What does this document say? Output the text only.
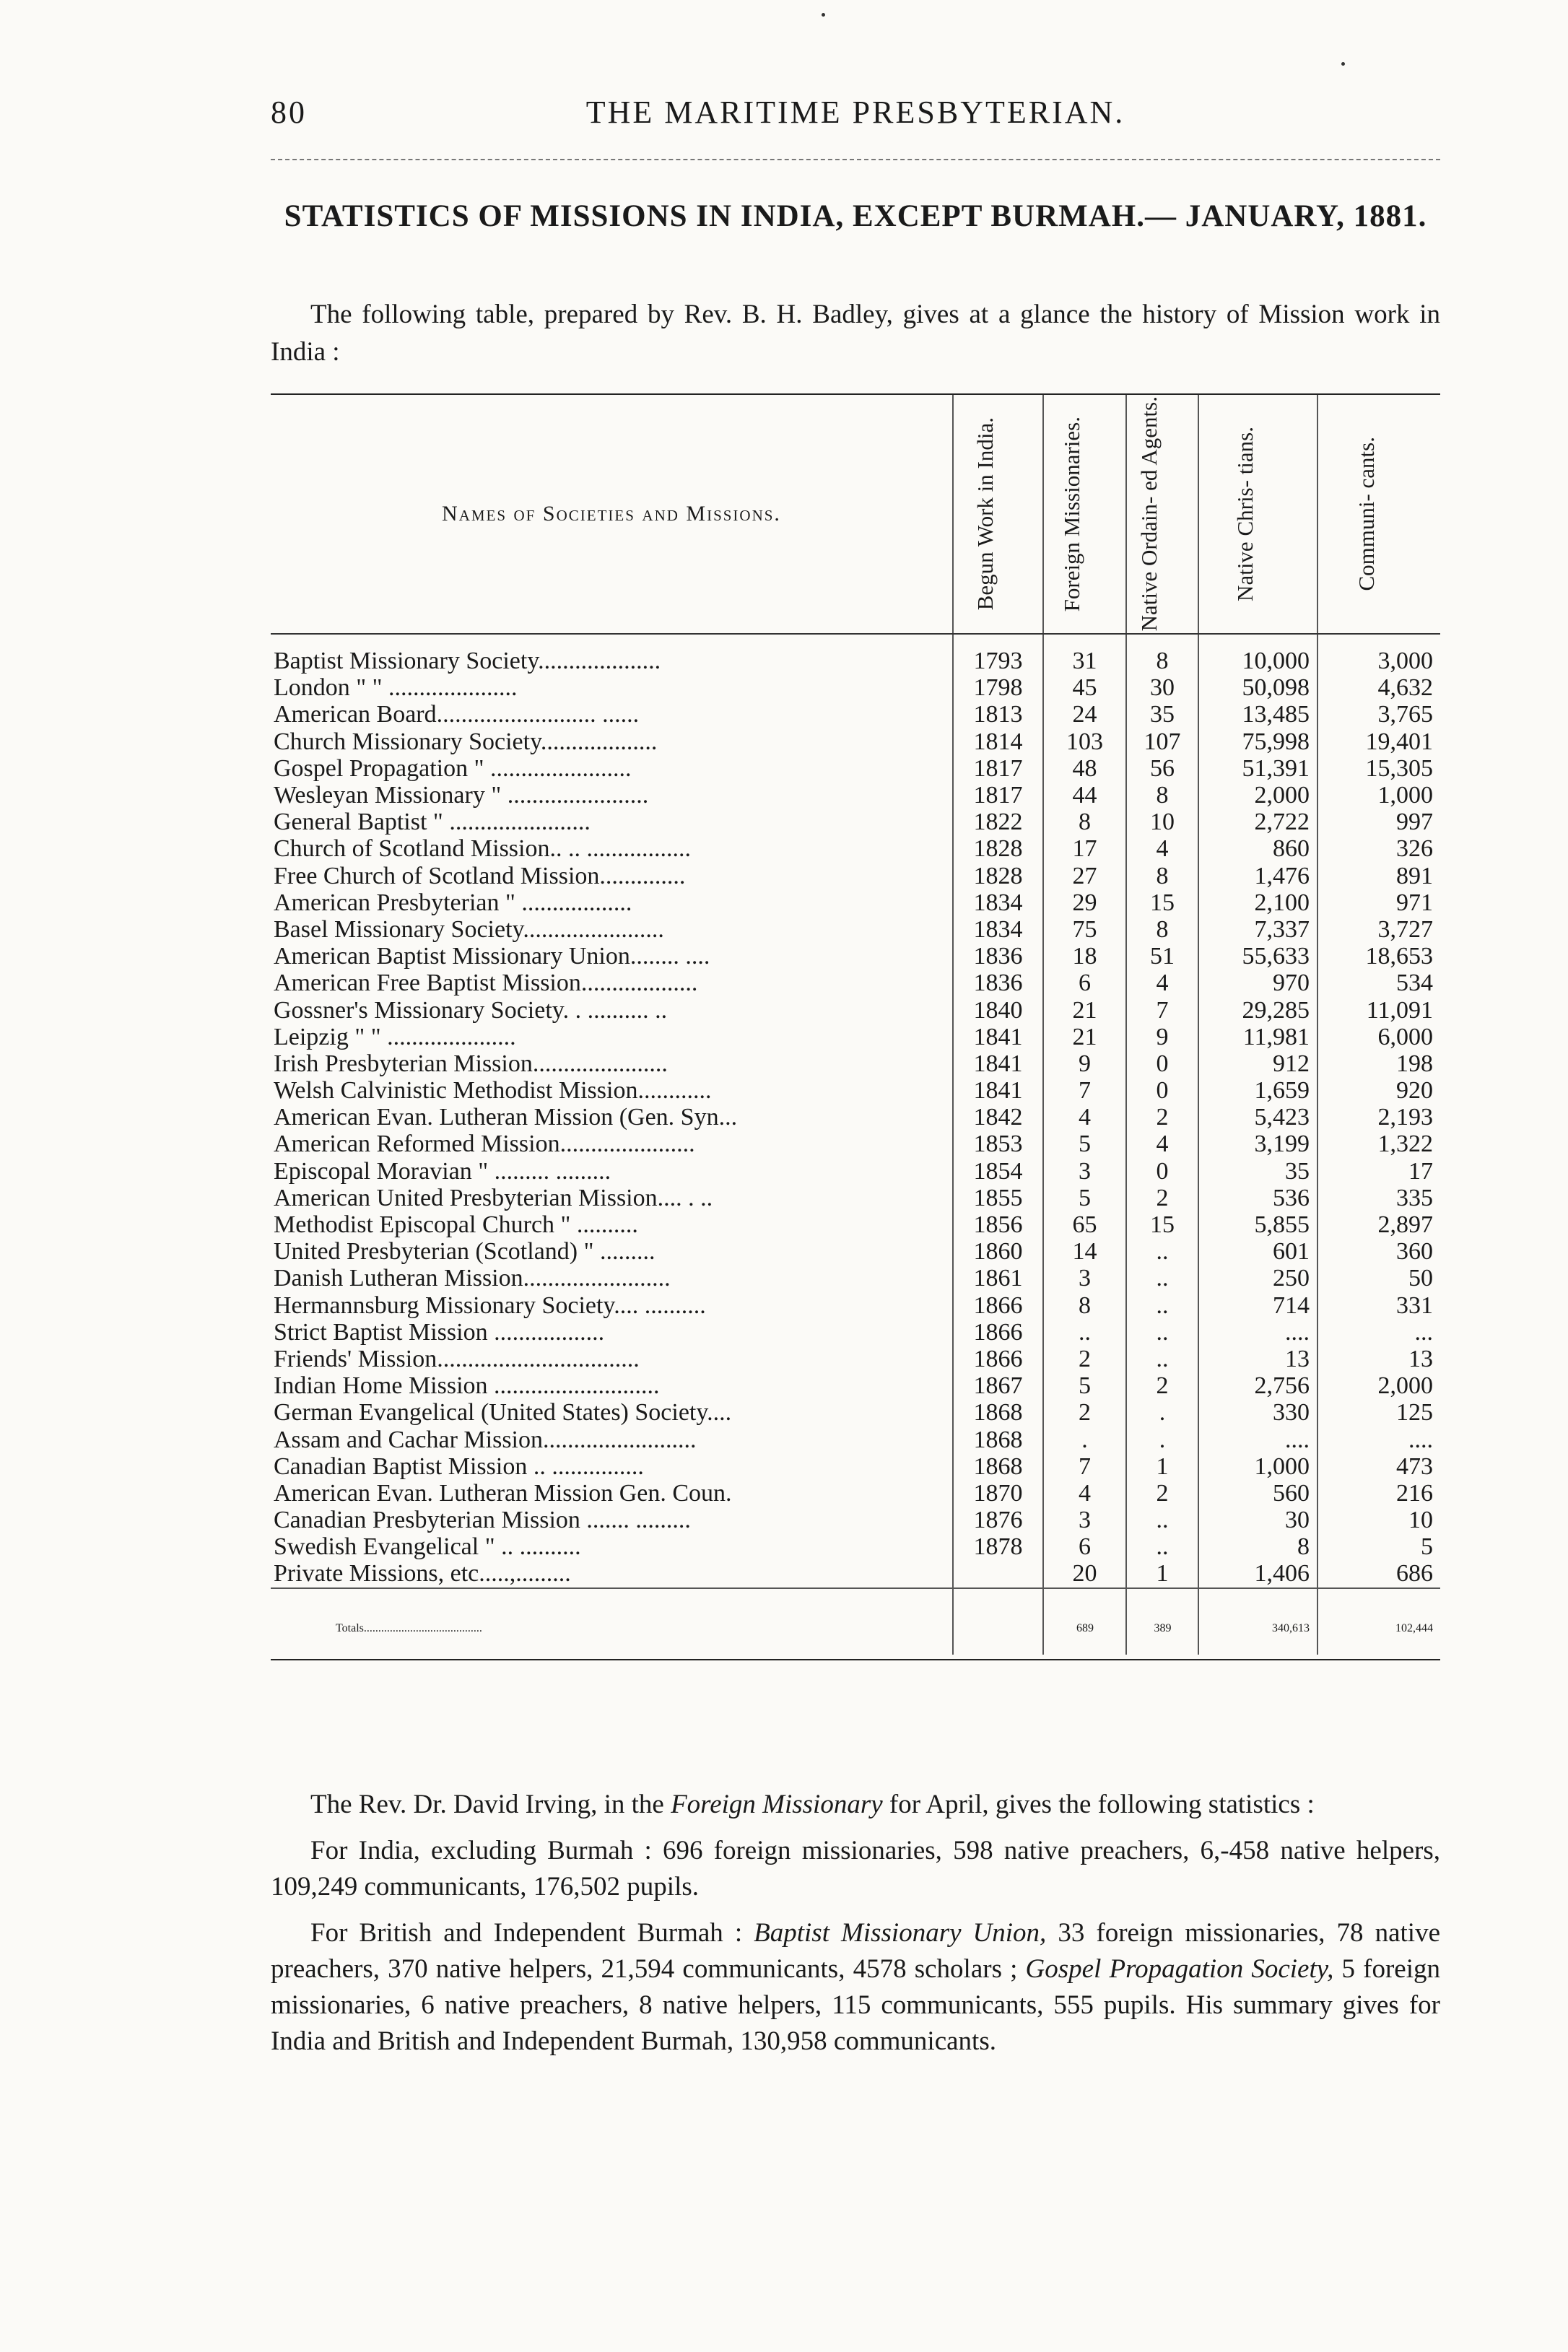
80	THE MARITIME PRESBYTERIAN.
STATISTICS OF MISSIONS IN INDIA, EXCEPT BURMAH.— JANUARY, 1881.
The following table, prepared by Rev. B. H. Badley, gives at a glance the history of Mission work in India :
Names of Societies and Missions.	Begun Work in India.	Foreign Missionaries.	Native Ordain- ed Agents.	Native Chris- tians.	Communi- cants.

Baptist Missionary Society....................	1793	31	8	10,000	3,000
London " " .....................	1798	45	30	50,098	4,632
American Board.......................... ......	1813	24	35	13,485	3,765
Church Missionary Society...................	1814	103	107	75,998	19,401
Gospel Propagation " .......................	1817	48	56	51,391	15,305
Wesleyan Missionary " .......................	1817	44	8	2,000	1,000
General Baptist " .......................	1822	8	10	2,722	997
Church of Scotland Mission.. .. .................	1828	17	4	860	326
Free Church of Scotland Mission..............	1828	27	8	1,476	891
American Presbyterian " ..................	1834	29	15	2,100	971
Basel Missionary Society.......................	1834	75	8	7,337	3,727
American Baptist Missionary Union........ ....	1836	18	51	55,633	18,653
American Free Baptist Mission...................	1836	6	4	970	534
Gossner's Missionary Society. . .......... ..	1840	21	7	29,285	11,091
Leipzig " " .....................	1841	21	9	11,981	6,000
Irish Presbyterian Mission......................	1841	9	0	912	198
Welsh Calvinistic Methodist Mission............	1841	7	0	1,659	920
American Evan. Lutheran Mission (Gen. Syn...	1842	4	2	5,423	2,193
American Reformed Mission......................	1853	5	4	3,199	1,322
Episcopal Moravian " ......... .........	1854	3	0	35	17
American United Presbyterian Mission.... . ..	1855	5	2	536	335
Methodist Episcopal Church " ..........	1856	65	15	5,855	2,897
United Presbyterian (Scotland) " .........	1860	14	..	601	360
Danish Lutheran Mission........................	1861	3	..	250	50
Hermannsburg Missionary Society.... ..........	1866	8	..	714	331
Strict Baptist Mission ..................	1866	..	..	....	...
Friends' Mission.................................	1866	2	..	13	13
Indian Home Mission ...........................	1867	5	2	2,756	2,000
German Evangelical (United States) Society....	1868	2	.	330	125
Assam and Cachar Mission.........................	1868	.	.	....	....
Canadian Baptist Mission .. ...............	1868	7	1	1,000	473
American Evan. Lutheran Mission Gen. Coun.	1870	4	2	560	216
Canadian Presbyterian Mission ....... .........	1876	3	..	30	10
Swedish Evangelical " .. ..........	1878	6	..	8	5
Private Missions, etc.....,.........		20	1	1,406	686
Totals.........................................		689	389	340,613	102,444

The Rev. Dr. David Irving, in the Foreign Missionary for April, gives the following statistics :

For India, excluding Burmah : 696 foreign missionaries, 598 native preachers, 6,-458 native helpers, 109,249 communicants, 176,502 pupils.

For British and Independent Burmah : Baptist Missionary Union, 33 foreign missionaries, 78 native preachers, 370 native helpers, 21,594 communicants, 4578 scholars ; Gospel Propagation Society, 5 foreign missionaries, 6 native preachers, 8 native helpers, 115 communicants, 555 pupils. His summary gives for India and British and Independent Burmah, 130,958 communicants.
